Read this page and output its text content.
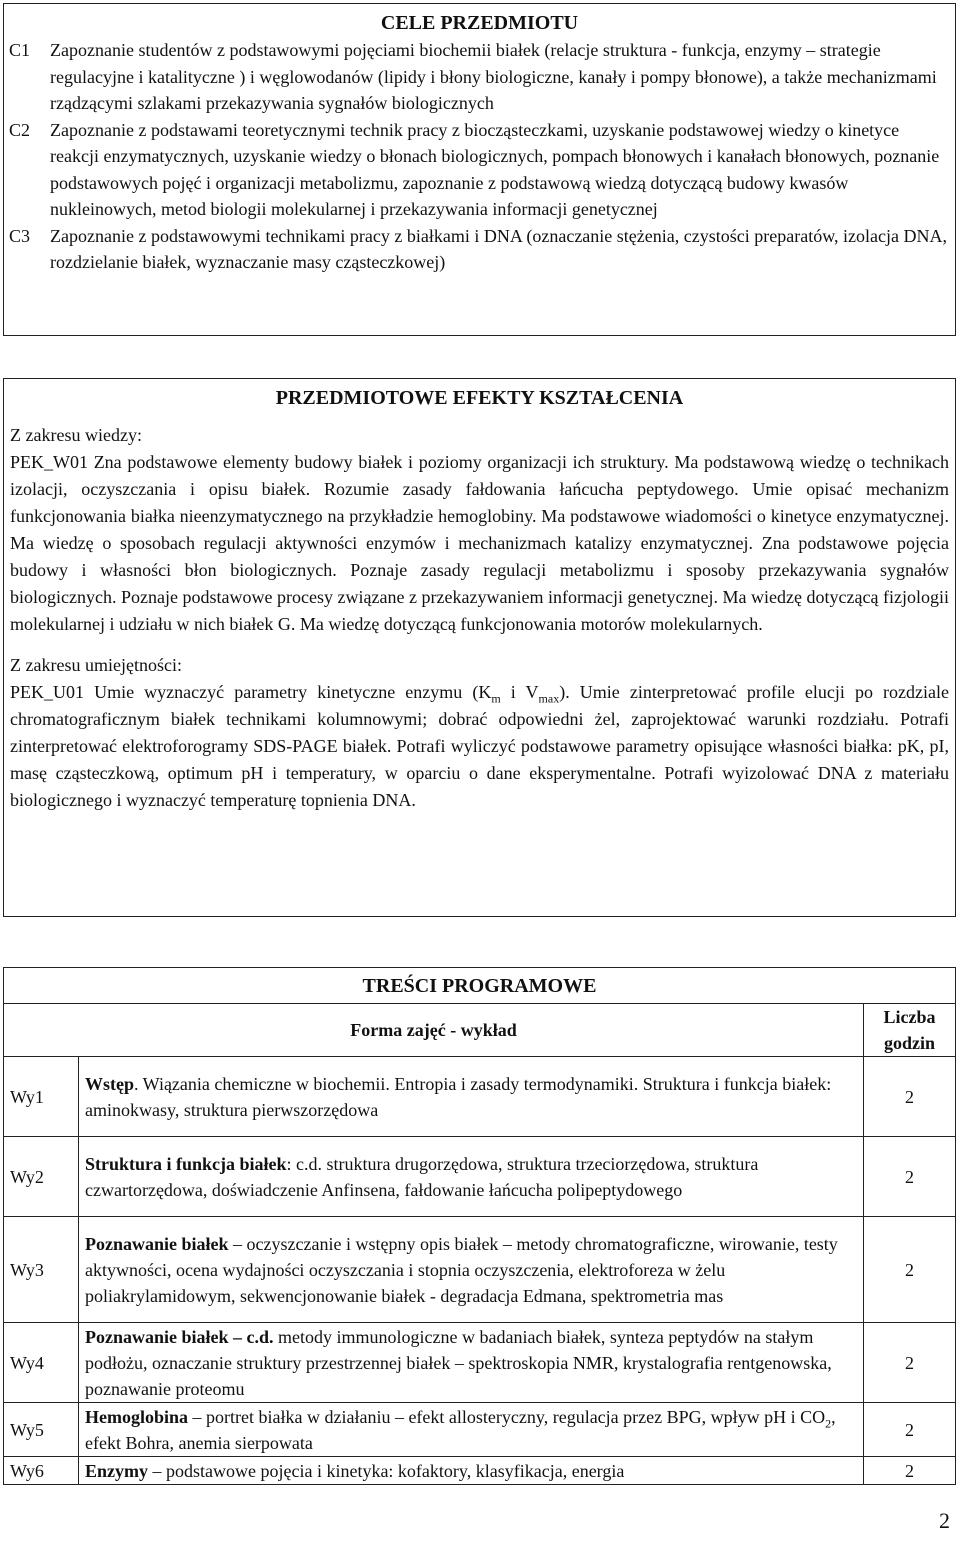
CELE PRZEDMIOTU
C1	Zapoznanie studentów z podstawowymi pojęciami biochemii białek (relacje struktura - funkcja, enzymy – strategie regulacyjne i katalityczne ) i węglowodanów (lipidy i błony biologiczne, kanały i pompy błonowe), a także mechanizmami rządzącymi szlakami przekazywania sygnałów biologicznych
C2	Zapoznanie z podstawami teoretycznymi technik pracy z biocząsteczkami, uzyskanie podstawowej wiedzy o kinetyce reakcji enzymatycznych, uzyskanie wiedzy o błonach biologicznych, pompach błonowych i kanałach błonowych, poznanie podstawowych pojęć i organizacji metabolizmu, zapoznanie z podstawową wiedzą dotyczącą budowy kwasów nukleinowych, metod biologii molekularnej i przekazywania informacji genetycznej
C3	Zapoznanie z podstawowymi technikami pracy z białkami i DNA (oznaczanie stężenia, czystości preparatów, izolacja DNA, rozdzielanie białek, wyznaczanie masy cząsteczkowej)
PRZEDMIOTOWE EFEKTY KSZTAŁCENIA
Z zakresu wiedzy:
PEK_W01 Zna podstawowe elementy budowy białek i poziomy organizacji ich struktury. Ma podstawową wiedzę o technikach izolacji, oczyszczania i opisu białek. Rozumie zasady fałdowania łańcucha peptydowego. Umie opisać mechanizm funkcjonowania białka nieenzymatycznego na przykładzie hemoglobiny. Ma podstawowe wiadomości o kinetyce enzymatycznej. Ma wiedzę o sposobach regulacji aktywności enzymów i mechanizmach katalizy enzymatycznej. Zna podstawowe pojęcia budowy i własności błon biologicznych. Poznaje zasady regulacji metabolizmu i sposoby przekazywania sygnałów biologicznych. Poznaje podstawowe procesy związane z przekazywaniem informacji genetycznej. Ma wiedzę dotyczącą fizjologii molekularnej i udziału w nich białek G. Ma wiedzę dotyczącą funkcjonowania motorów molekularnych.
Z zakresu umiejętności:
PEK_U01 Umie wyznaczyć parametry kinetyczne enzymu ($K_m$ i $V_{max}$). Umie zinterpretować profile elucji po rozdziale chromatograficznym białek technikami kolumnowymi; dobrać odpowiedni żel, zaprojektować warunki rozdziału. Potrafi zinterpretować elektroforogramy SDS-PAGE białek. Potrafi wyliczyć podstawowe parametry opisujące własności białka: pK, pI, masę cząsteczkową, optimum pH i temperatury, w oparciu o dane eksperymentalne. Potrafi wyizolować DNA z materiału biologicznego i wyznaczyć temperaturę topnienia DNA.
TREŚCI PROGRAMOWE		
Forma zajęć - wykład		Liczba godzin
Wy1	Wstęp. Wiązania chemiczne w biochemii. Entropia i zasady termodynamiki. Struktura i funkcja białek: aminokwasy, struktura pierwszorzędowa	2
Wy2	Struktura i funkcja białek: c.d. struktura drugorzędowa, struktura trzeciorzędowa, struktura czwartorzędowa, doświadczenie Anfinsena, fałdowanie łańcucha polipeptydowego	2
Wy3	Poznawanie białek – oczyszczanie i wstępny opis białek – metody chromatograficzne, wirowanie, testy aktywności, ocena wydajności oczyszczania i stopnia oczyszczenia, elektroforeza w żelu poliakrylamidowym, sekwencjonowanie białek - degradacja Edmana, spektrometria mas	2
Wy4	Poznawanie białek – c.d. metody immunologiczne w badaniach białek, synteza peptydów na stałym podłożu, oznaczanie struktury przestrzennej białek – spektroskopia NMR, krystalografia rentgenowska, poznawanie proteomu	2
Wy5	Hemoglobina – portret białka w działaniu – efekt allosteryczny, regulacja przez BPG, wpływ pH i $CO_2$, efekt Bohra, anemia sierpowata	2
Wy6	Enzymy – podstawowe pojęcia i kinetyka: kofaktory, klasyfikacja, energia	2
2
